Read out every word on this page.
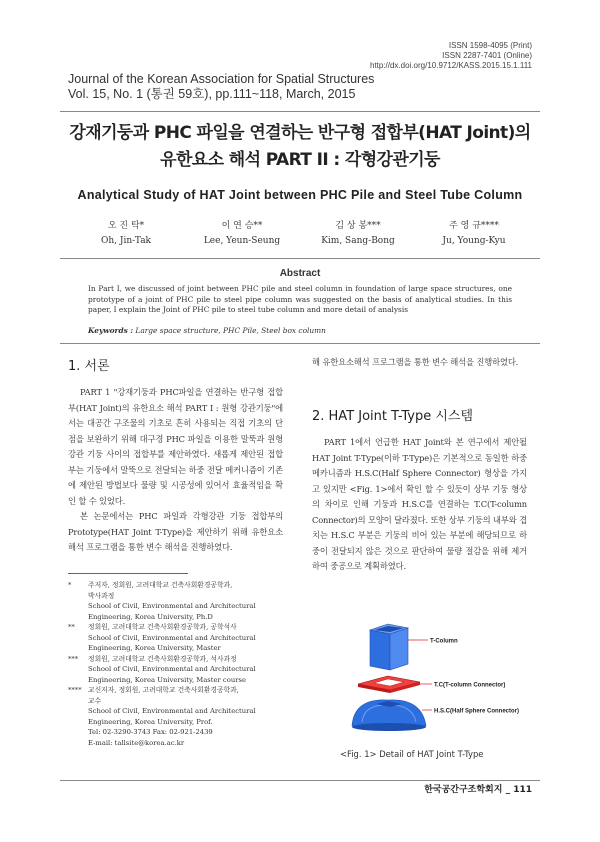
ISSN 1598-4095 (Print)
ISSN 2287-7401 (Online)
http://dx.doi.org/10.9712/KASS.2015.15.1.111
Journal of the Korean Association for Spatial Structures
Vol. 15, No. 1 (통권 59호), pp.111~118, March, 2015
강재기둥과 PHC 파일을 연결하는 반구형 접합부(HAT Joint)의
유한요소 해석 PART II : 각형강관기둥
Analytical Study of HAT Joint between PHC Pile and Steel Tube Column
오 진 탁*
Oh, Jin-Tak
이 연 승**
Lee, Yeun-Seung
김 상 봉***
Kim, Sang-Bong
주 영 규****
Ju, Young-Kyu
Abstract
In Part I, we discussed of joint between PHC pile and steel column in foundation of large space structures, one prototype of a joint of PHC pile to steel pipe column was suggested on the basis of analytical studies. In this paper, I explain the Joint of PHC pile to steel tube column and more detail of analysis
Keywords : Large space structure, PHC Pile, Steel box column
1. 서론

PART 1 "강재기둥과 PHC파일을 연결하는 반구형 접합부(HAT Joint)의 유한요소 해석 PART I : 원형 강관기둥"에서는 대공간 구조물의 기초로 흔히 사용되는 직접 기초의 단점을 보완하기 위해 대구경 PHC 파일을 이용한 말뚝과 원형 강관 기둥 사이의 접합부를 제안하였다. 새롭게 제안된 접합부는 기둥에서 말뚝으로 전달되는 하중 전달 메커니즘이 기존에 제안된 방법보다 물량 및 시공성에 있어서 효율적임을 확인 할 수 있었다.

본 논문에서는 PHC 파일과 각형강관 기둥 접합부의 Prototype(HAT Joint T-Type)을 제안하기 위해 유한요소해석 프로그램을 통한 변수 해석을 진행하였다.

해 유한요소해석 프로그램을 통한 변수 해석을 진행하였다.
2. HAT Joint T-Type 시스템

PART 1에서 언급한 HAT Joint와 본 연구에서 제안될 HAT Joint T-Type(이하 T-Type)은 기본적으로 동일한 하중 메카니즘과 H.S.C(Half Sphere Connector) 형상을 가지고 있지만 <Fig. 1>에서 확인 할 수 있듯이 상부 기둥 형상의 차이로 인해 기둥과 H.S.C를 연결하는 T.C(T-column Connector)의 모양이 달라졌다. 또한 상부 기둥의 내부와 겹치는 H.S.C 부분은 기둥의 비어 있는 부분에 해당되므로 하중이 전달되지 않은 것으로 판단하여 물량 절감을 위해 제거하여 중공으로 계획하였다.

*	주저자, 정회원, 고려대학교 건축사회환경공학과,
박사과정
School of Civil, Environmental and Architectural
Engineering, Korea University, Ph.D
**	정회원, 고려대학교 건축사회환경공학과, 공학석사
School of Civil, Environmental and Architectural
Engineering, Korea University, Master
***	정회원, 고려대학교 건축사회환경공학과, 석사과정
School of Civil, Environmental and Architectural
Engineering, Korea University, Master course
**** 교신저자, 정회원, 고려대학교 건축사회환경공학과,
교수
School of Civil, Environmental and Architectural
Engineering, Korea University, Prof.
Tel: 02-3290-3743 Fax: 02-921-2439
E-mail: tallsite@korea.ac.kr
T-Column
T.C(T-column Connector)
H.S.C(Half Sphere Connector)
<Fig. 1> Detail of HAT Joint T-Type
한국공간구조학회지 _ 111
